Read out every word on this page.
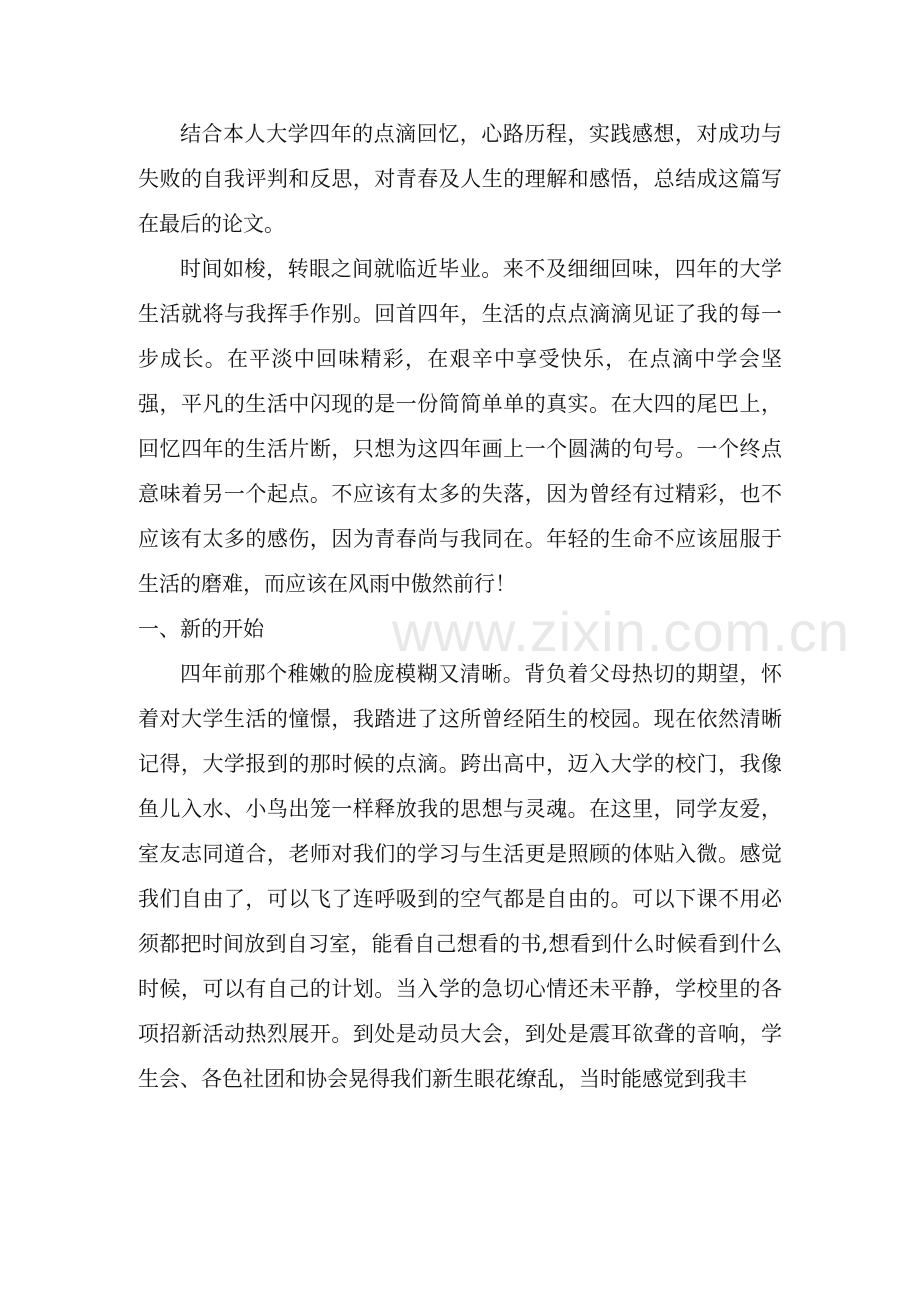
结合本人大学四年的点滴回忆，心路历程，实践感想，对成功与失败的自我评判和反思，对青春及人生的理解和感悟，总结成这篇写在最后的论文。

时间如梭，转眼之间就临近毕业。来不及细细回味，四年的大学生活就将与我挥手作别。回首四年，生活的点点滴滴见证了我的每一步成长。在平淡中回味精彩，在艰辛中享受快乐，在点滴中学会坚强，平凡的生活中闪现的是一份简简单单的真实。在大四的尾巴上，回忆四年的生活片断，只想为这四年画上一个圆满的句号。一个终点意味着另一个起点。不应该有太多的失落，因为曾经有过精彩，也不应该有太多的感伤，因为青春尚与我同在。年轻的生命不应该屈服于生活的磨难，而应该在风雨中傲然前行！

一、新的开始

四年前那个稚嫩的脸庞模糊又清晰。背负着父母热切的期望，怀着对大学生活的憧憬，我踏进了这所曾经陌生的校园。现在依然清晰记得，大学报到的那时候的点滴。跨出高中，迈入大学的校门，我像鱼儿入水、小鸟出笼一样释放我的思想与灵魂。在这里，同学友爱，室友志同道合，老师对我们的学习与生活更是照顾的体贴入微。感觉我们自由了，可以飞了连呼吸到的空气都是自由的。可以下课不用必须都把时间放到自习室，能看自己想看的书,想看到什么时候看到什么时候，可以有自己的计划。当入学的急切心情还未平静，学校里的各项招新活动热烈展开。到处是动员大会，到处是震耳欲聋的音响，学生会、各色社团和协会晃得我们新生眼花缭乱，当时能感觉到我丰

www.zixin.com.cn
